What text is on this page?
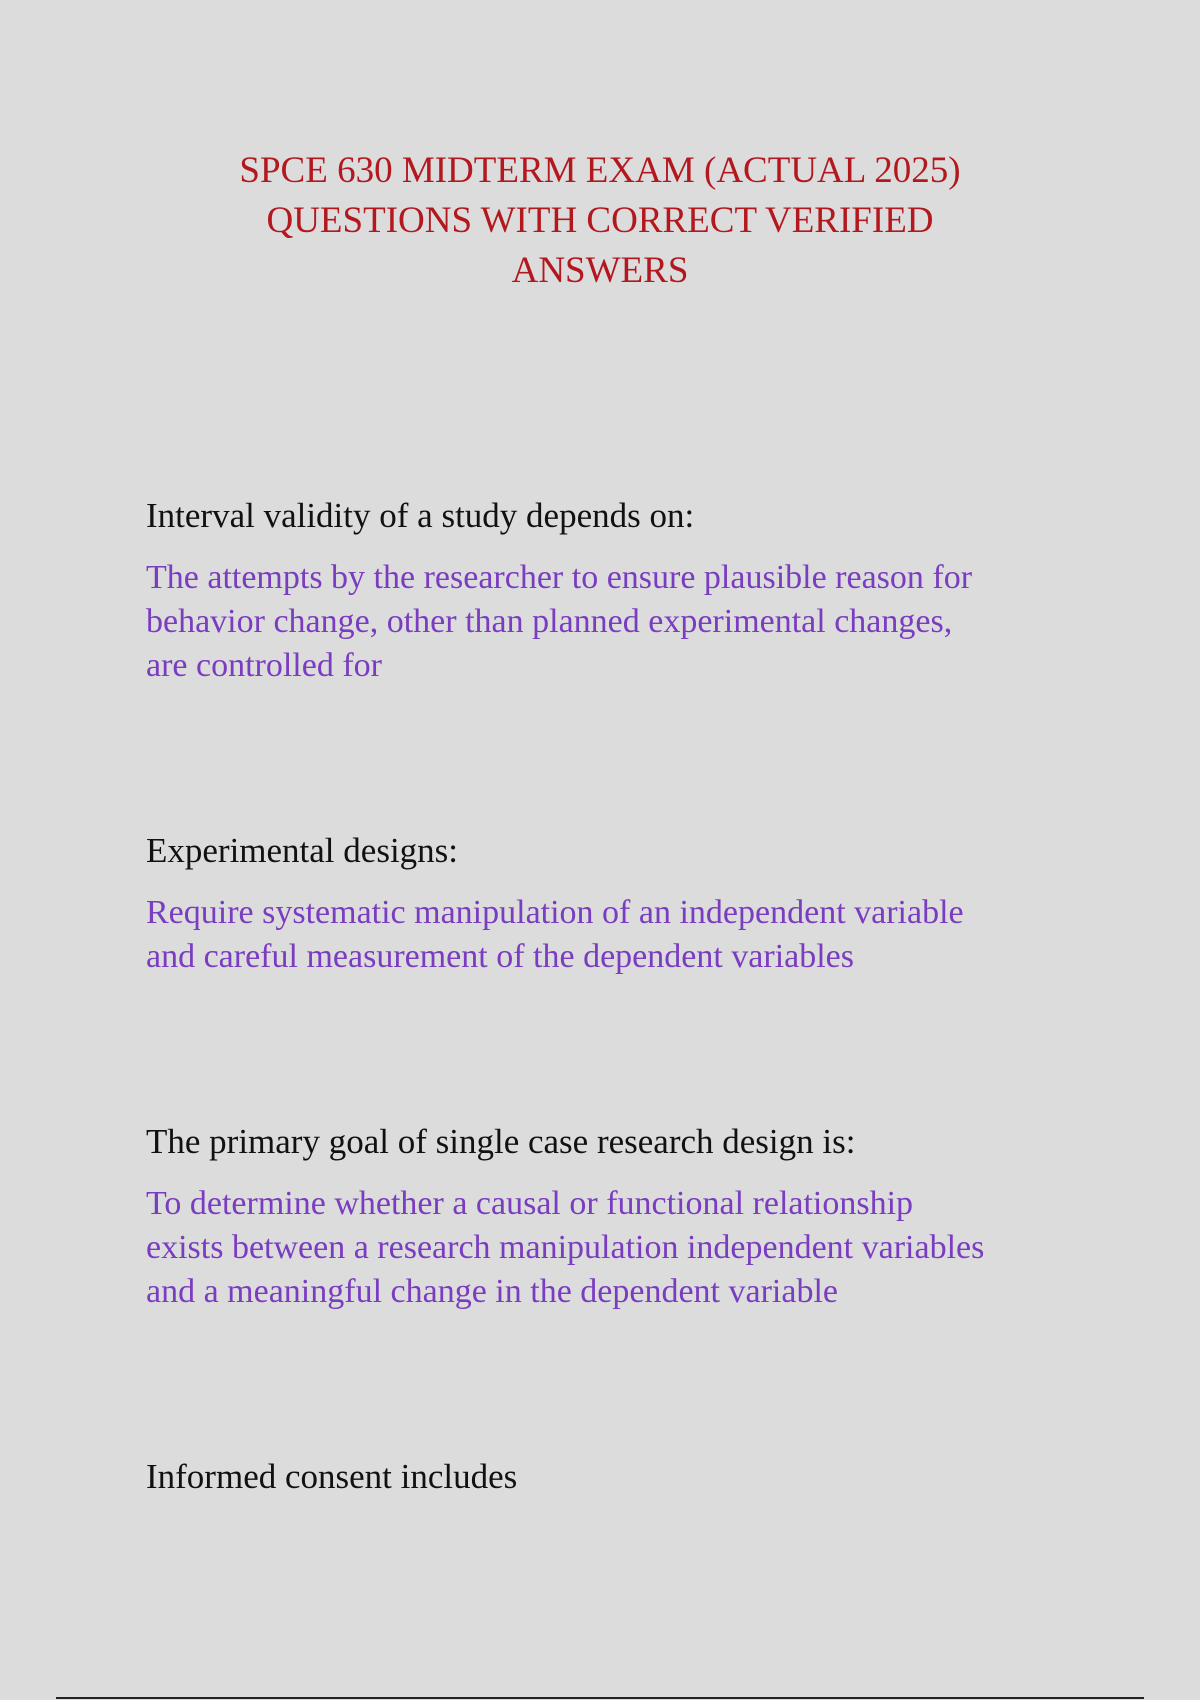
SPCE 630 MIDTERM EXAM (ACTUAL 2025)
QUESTIONS WITH CORRECT VERIFIED
ANSWERS

Interval validity of a study depends on:

The attempts by the researcher to ensure plausible reason for
behavior change, other than planned experimental changes,
are controlled for

Experimental designs:

Require systematic manipulation of an independent variable
and careful measurement of the dependent variables

The primary goal of single case research design is:

To determine whether a causal or functional relationship
exists between a research manipulation independent variables
and a meaningful change in the dependent variable

Informed consent includes
